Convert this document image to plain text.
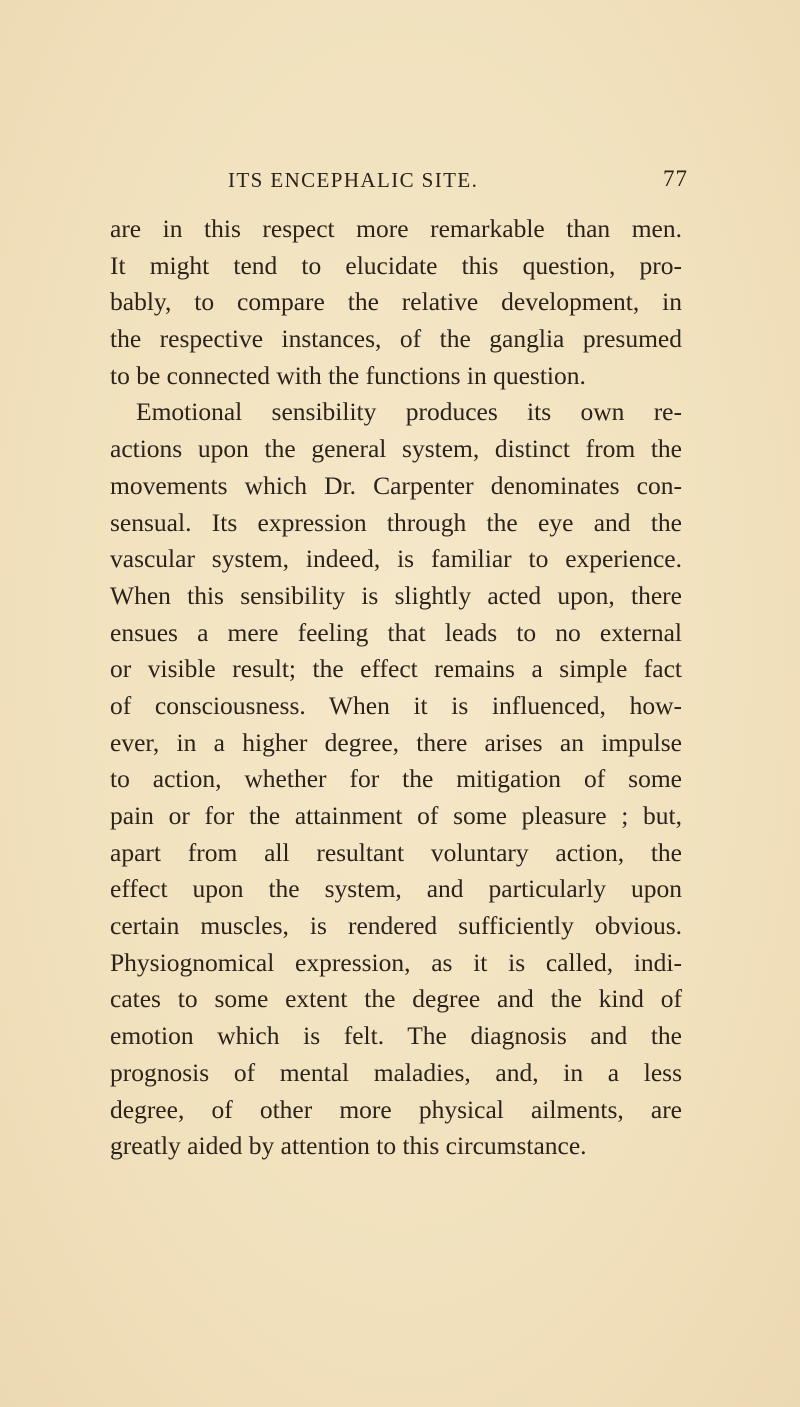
ITS ENCEPHALIC SITE.	77
are in this respect more remarkable than men.
It might tend to elucidate this question, pro-
bably, to compare the relative development, in
the respective instances, of the ganglia presumed
to be connected with the functions in question.
Emotional sensibility produces its own re-
actions upon the general system, distinct from the
movements which Dr. Carpenter denominates con-
sensual. Its expression through the eye and the
vascular system, indeed, is familiar to experience.
When this sensibility is slightly acted upon, there
ensues a mere feeling that leads to no external
or visible result; the effect remains a simple fact
of consciousness. When it is influenced, how-
ever, in a higher degree, there arises an impulse
to action, whether for the mitigation of some
pain or for the attainment of some pleasure ; but,
apart from all resultant voluntary action, the
effect upon the system, and particularly upon
certain muscles, is rendered sufficiently obvious.
Physiognomical expression, as it is called, indi-
cates to some extent the degree and the kind of
emotion which is felt. The diagnosis and the
prognosis of mental maladies, and, in a less
degree, of other more physical ailments, are
greatly aided by attention to this circumstance.
